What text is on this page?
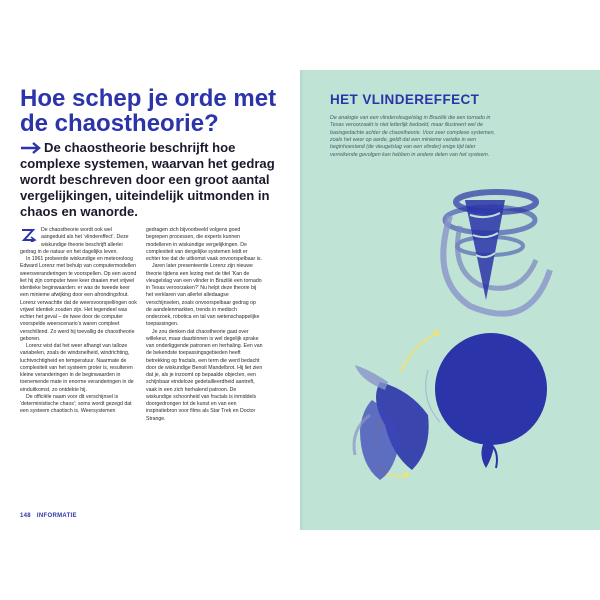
Hoe schep je orde met de chaostheorie?

De chaostheorie beschrijft hoe complexe systemen, waarvan het gedrag wordt beschreven door een groot aantal vergelijkingen, uiteindelijk uitmonden in chaos en wanorde.

De chaostheorie wordt ook wel aangeduid als het ‘vlindereffect’. Deze wiskundige theorie beschrijft allerlei gedrag in de natuur en het dagelijks leven.

In 1961 probeerde wiskundige en meteoroloog Edward Lorenz met behulp van computermodellen weersveranderingen te voorspellen. Op een avond liet hij zijn computer twee keer draaien met vrijwel identieke beginwaarden: er was de tweede keer een minieme afwijking door een afrondingsfout. Lorenz verwachtte dat de weersvoorspellingen ook vrijwel identiek zouden zijn. Het tegendeel was echter het geval – de twee door de computer voorspelde weerscenario’s waren compleet verschillend. Zo werd hij toevallig de chaostheorie geboren.

Lorenz wist dat het weer afhangt van talloze variabelen, zoals de windsnelheid, windrichting, luchtvochtigheid en temperatuur. Naarmate de complexiteit van het systeem groter is, resulteren kleine veranderingen in de beginwaarden in toenemende mate in enorme veranderingen in de einduitkomst, zo ontdekte hij.

De officiële naam voor dit verschijnsel is ‘deterministische chaos’; soms wordt gezegd dat een systeem chaotisch is. Weersystemen

gedragen zich bijvoorbeeld volgens goed begrepen processen, die experts kunnen modelleren in wiskundige vergelijkingen. De complexiteit van dergelijke systemen leidt er echter toe dat de uitkomst vaak onvoorspelbaar is.

Jaren later presenteerde Lorenz zijn nieuwe theorie tijdens een lezing met de titel ‘Kan de vleugelslag van een vlinder in Brazilië een tornado in Texas veroorzaken?’ Nu helpt deze theorie bij het verklaren van allerlei alledaagse verschijnselen, zoals onvoorspelbaar gedrag op de aandelenmarkten, trends in medisch onderzoek, robotica en tal van wetenschappelijke toepassingen.

Je zou denken dat chaostheorie gaat over willekeur, maar daarbinnen is wel degelijk sprake van onderliggende patronen en herhaling. Een van de bekendste toepassingsgebieden heeft betrekking op fractals, een term die werd bedacht door de wiskundige Benoit Mandelbrot. Hij liet zien dat je, als je inzoomt op bepaalde objecten, een schijnbaar eindeloze gedetailleerdheid aantreft, vaak in een zich herhalend patroon. De wiskundige schoonheid van fractals is inmiddels doorgedrongen tot de kunst en van een inspiratiebron voor films als Star Trek en Doctor Strange.

148 INFORMATIE
HET VLINDEREFFECT

De analogie van een vlindervleugelslag in Brazilië die een tornado in Texas veroorzaakt is niet letterlijk bedoeld, maar illustreert wel de basisgedachte achter de chaostheorie. Voor zeer complexe systemen, zoals het weer op aarde, geldt dat een minieme variatie in een beginhoestand (de vleugelslag van een vlinder) enige tijd later verreikende gevolgen kan hebben in andere delen van het systeem.
